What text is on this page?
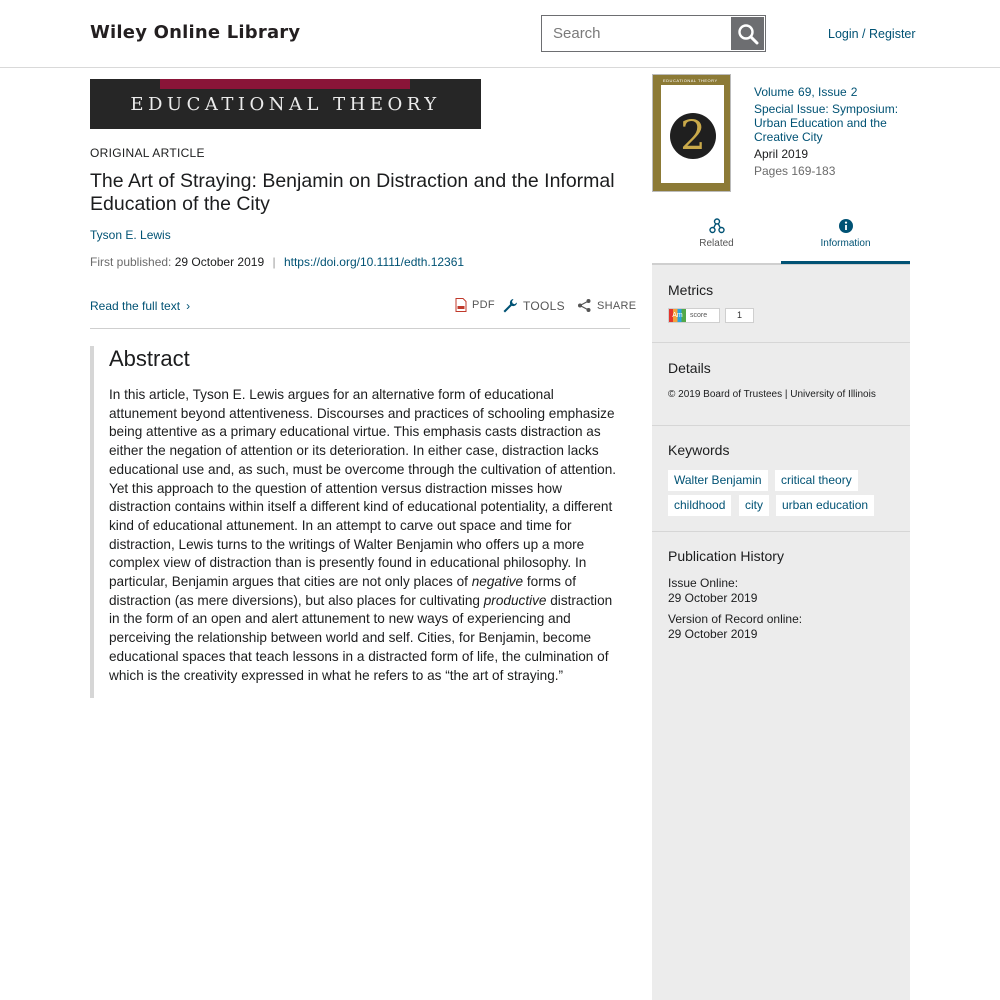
Wiley Online Library
Search	Login / Register
EDUCATIONAL THEORY
ORIGINAL ARTICLE
The Art of Straying: Benjamin on Distraction and the Informal Education of the City
Tyson E. Lewis
First published: 29 October 2019 | https://doi.org/10.1111/edth.12361
Read the full text ›	PDF TOOLS	SHARE
Abstract

In this article, Tyson E. Lewis argues for an alternative form of educational attunement beyond attentiveness. Discourses and practices of schooling emphasize being attentive as a primary educational virtue. This emphasis casts distraction as either the negation of attention or its deterioration. In either case, distraction lacks educational use and, as such, must be overcome through the cultivation of attention. Yet this approach to the question of attention versus distraction misses how distraction contains within itself a different kind of educational potentiality, a different kind of educational attunement. In an attempt to carve out space and time for distraction, Lewis turns to the writings of Walter Benjamin who offers up a more complex view of distraction than is presently found in educational philosophy. In particular, Benjamin argues that cities are not only places of negative forms of distraction (as mere diversions), but also places for cultivating productive distraction in the form of an open and alert attunement to new ways of experiencing and perceiving the relationship between world and self. Cities, for Benjamin, become educational spaces that teach lessons in a distracted form of life, the culmination of which is the creativity expressed in what he refers to as “the art of straying.”

EDUCATIONAL THEORY
2
Volume 69, Issue 2
Special Issue: Symposium: Urban Education and the Creative City
April 2019
Pages 169-183
Related	Information
Metrics
Am	score	1
Details
© 2019 Board of Trustees | University of Illinois
Keywords
Walter Benjamin	critical theory
childhood	city	urban education
Publication History
Issue Online:
29 October 2019
Version of Record online:
29 October 2019
